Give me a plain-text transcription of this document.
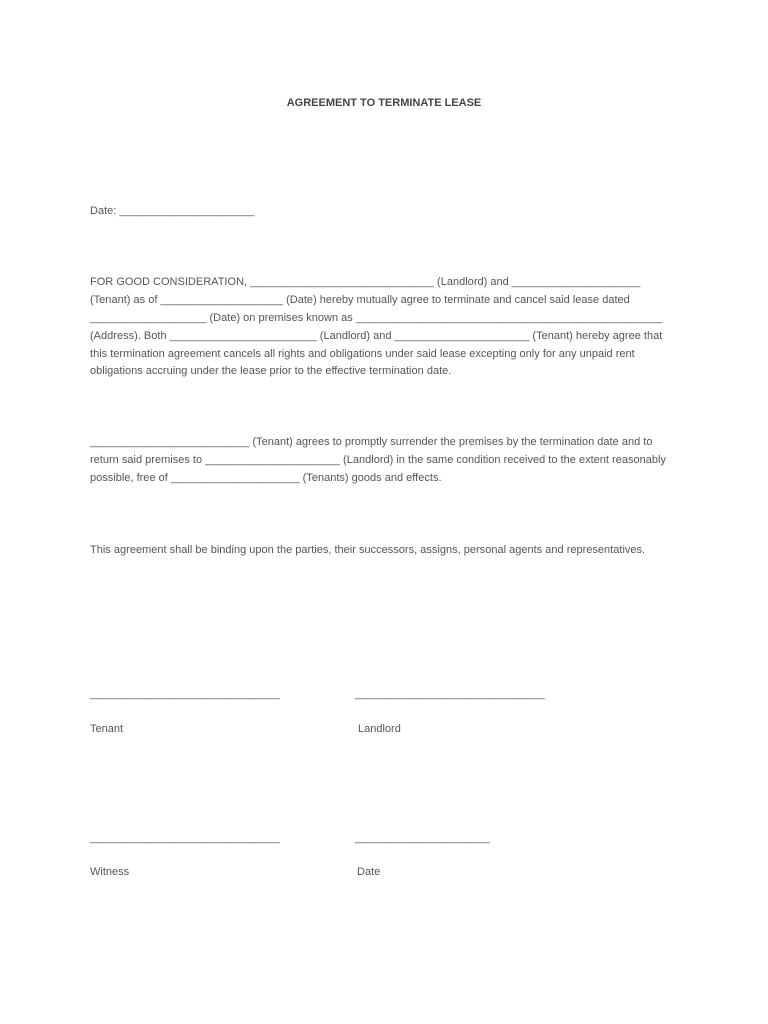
AGREEMENT TO TERMINATE LEASE
Date: ______________________
FOR GOOD CONSIDERATION, ______________________________ (Landlord) and _____________________
(Tenant) as of ____________________ (Date) hereby mutually agree to terminate and cancel said lease dated
___________________ (Date) on premises known as __________________________________________________
(Address). Both ________________________ (Landlord) and ______________________ (Tenant) hereby agree that
this termination agreement cancels all rights and obligations under said lease excepting only for any unpaid rent
obligations accruing under the lease prior to the effective termination date.
__________________________ (Tenant) agrees to promptly surrender the premises by the termination date and to
return said premises to ______________________ (Landlord) in the same condition received to the extent reasonably
possible, free of _____________________ (Tenants) goods and effects.
This agreement shall be binding upon the parties, their successors, assigns, personal agents and representatives.
_______________________________	_______________________________
Tenant	Landlord
_______________________________	______________________
Witness	Date
